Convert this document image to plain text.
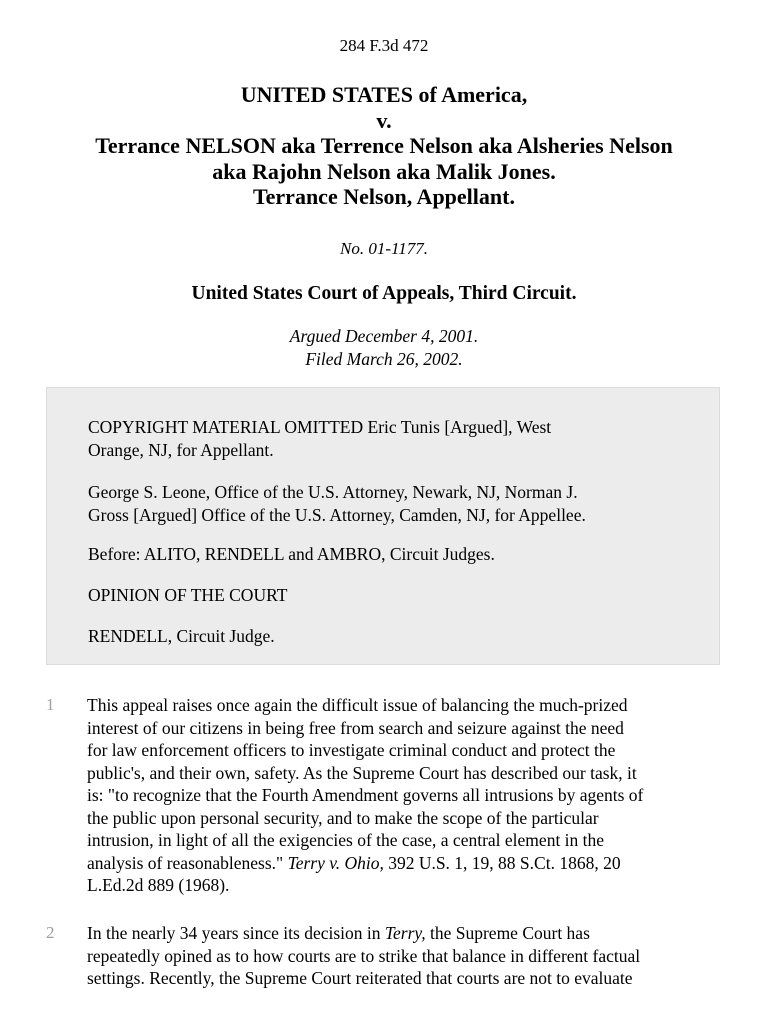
284 F.3d 472
UNITED STATES of America,
v.
Terrance NELSON aka Terrence Nelson aka Alsheries Nelson
aka Rajohn Nelson aka Malik Jones.
Terrance Nelson, Appellant.
No. 01-1177.
United States Court of Appeals, Third Circuit.
Argued December 4, 2001.
Filed March 26, 2002.
COPYRIGHT MATERIAL OMITTED Eric Tunis [Argued], West
Orange, NJ, for Appellant.
George S. Leone, Office of the U.S. Attorney, Newark, NJ, Norman J.
Gross [Argued] Office of the U.S. Attorney, Camden, NJ, for Appellee.
Before: ALITO, RENDELL and AMBRO, Circuit Judges.
OPINION OF THE COURT
RENDELL, Circuit Judge.
1 This appeal raises once again the difficult issue of balancing the much-prized
interest of our citizens in being free from search and seizure against the need
for law enforcement officers to investigate criminal conduct and protect the
public's, and their own, safety. As the Supreme Court has described our task, it
is: "to recognize that the Fourth Amendment governs all intrusions by agents of
the public upon personal security, and to make the scope of the particular
intrusion, in light of all the exigencies of the case, a central element in the
analysis of reasonableness." Terry v. Ohio, 392 U.S. 1, 19, 88 S.Ct. 1868, 20
L.Ed.2d 889 (1968).
2 In the nearly 34 years since its decision in Terry, the Supreme Court has
repeatedly opined as to how courts are to strike that balance in different factual
settings. Recently, the Supreme Court reiterated that courts are not to evaluate
